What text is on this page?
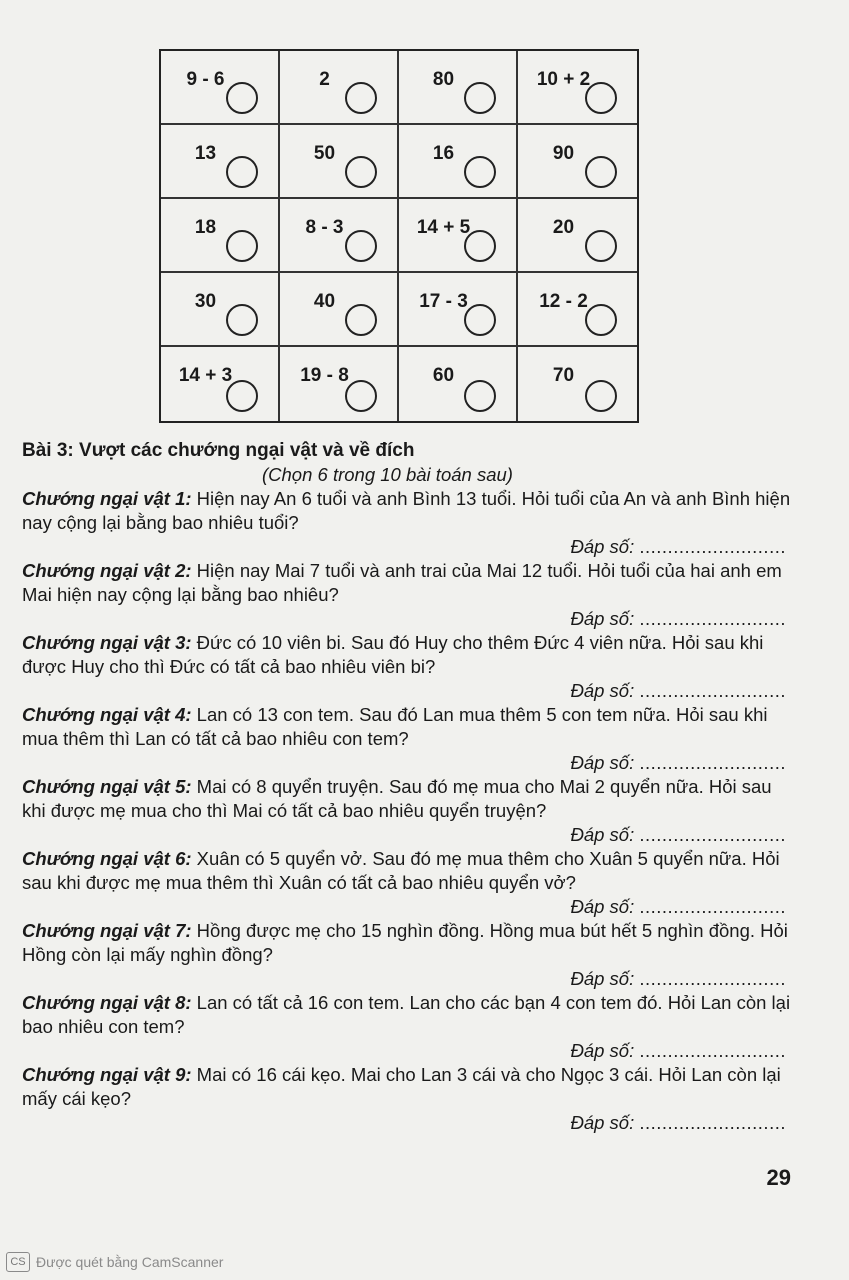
9 - 6	2	80	10 + 2
13	50	16	90
18	8 - 3	14 + 5	20
30	40	17 - 3	12 - 2
14 + 3	19 - 8	60	70
Bài 3: Vượt các chướng ngại vật và về đích
(Chọn 6 trong 10 bài toán sau)

Chướng ngại vật 1: Hiện nay An 6 tuổi và anh Bình 13 tuổi. Hỏi tuổi của An và anh Bình hiện nay cộng lại bằng bao nhiêu tuổi?

Đáp số: ..........................

Chướng ngại vật 2: Hiện nay Mai 7 tuổi và anh trai của Mai 12 tuổi. Hỏi tuổi của hai anh em Mai hiện nay cộng lại bằng bao nhiêu?

Đáp số: ..........................

Chướng ngại vật 3: Đức có 10 viên bi. Sau đó Huy cho thêm Đức 4 viên nữa. Hỏi sau khi được Huy cho thì Đức có tất cả bao nhiêu viên bi?

Đáp số: ..........................

Chướng ngại vật 4: Lan có 13 con tem. Sau đó Lan mua thêm 5 con tem nữa. Hỏi sau khi mua thêm thì Lan có tất cả bao nhiêu con tem?

Đáp số: ..........................

Chướng ngại vật 5: Mai có 8 quyển truyện. Sau đó mẹ mua cho Mai 2 quyển nữa. Hỏi sau khi được mẹ mua cho thì Mai có tất cả bao nhiêu quyển truyện?

Đáp số: ..........................

Chướng ngại vật 6: Xuân có 5 quyển vở. Sau đó mẹ mua thêm cho Xuân 5 quyển nữa. Hỏi sau khi được mẹ mua thêm thì Xuân có tất cả bao nhiêu quyển vở?

Đáp số: ..........................

Chướng ngại vật 7: Hồng được mẹ cho 15 nghìn đồng. Hồng mua bút hết 5 nghìn đồng. Hỏi Hồng còn lại mấy nghìn đồng?

Đáp số: ..........................

Chướng ngại vật 8: Lan có tất cả 16 con tem. Lan cho các bạn 4 con tem đó. Hỏi Lan còn lại bao nhiêu con tem?

Đáp số: ..........................

Chướng ngại vật 9: Mai có 16 cái kẹo. Mai cho Lan 3 cái và cho Ngọc 3 cái. Hỏi Lan còn lại mấy cái kẹo?

Đáp số: ..........................
29
CS Được quét bằng CamScanner
